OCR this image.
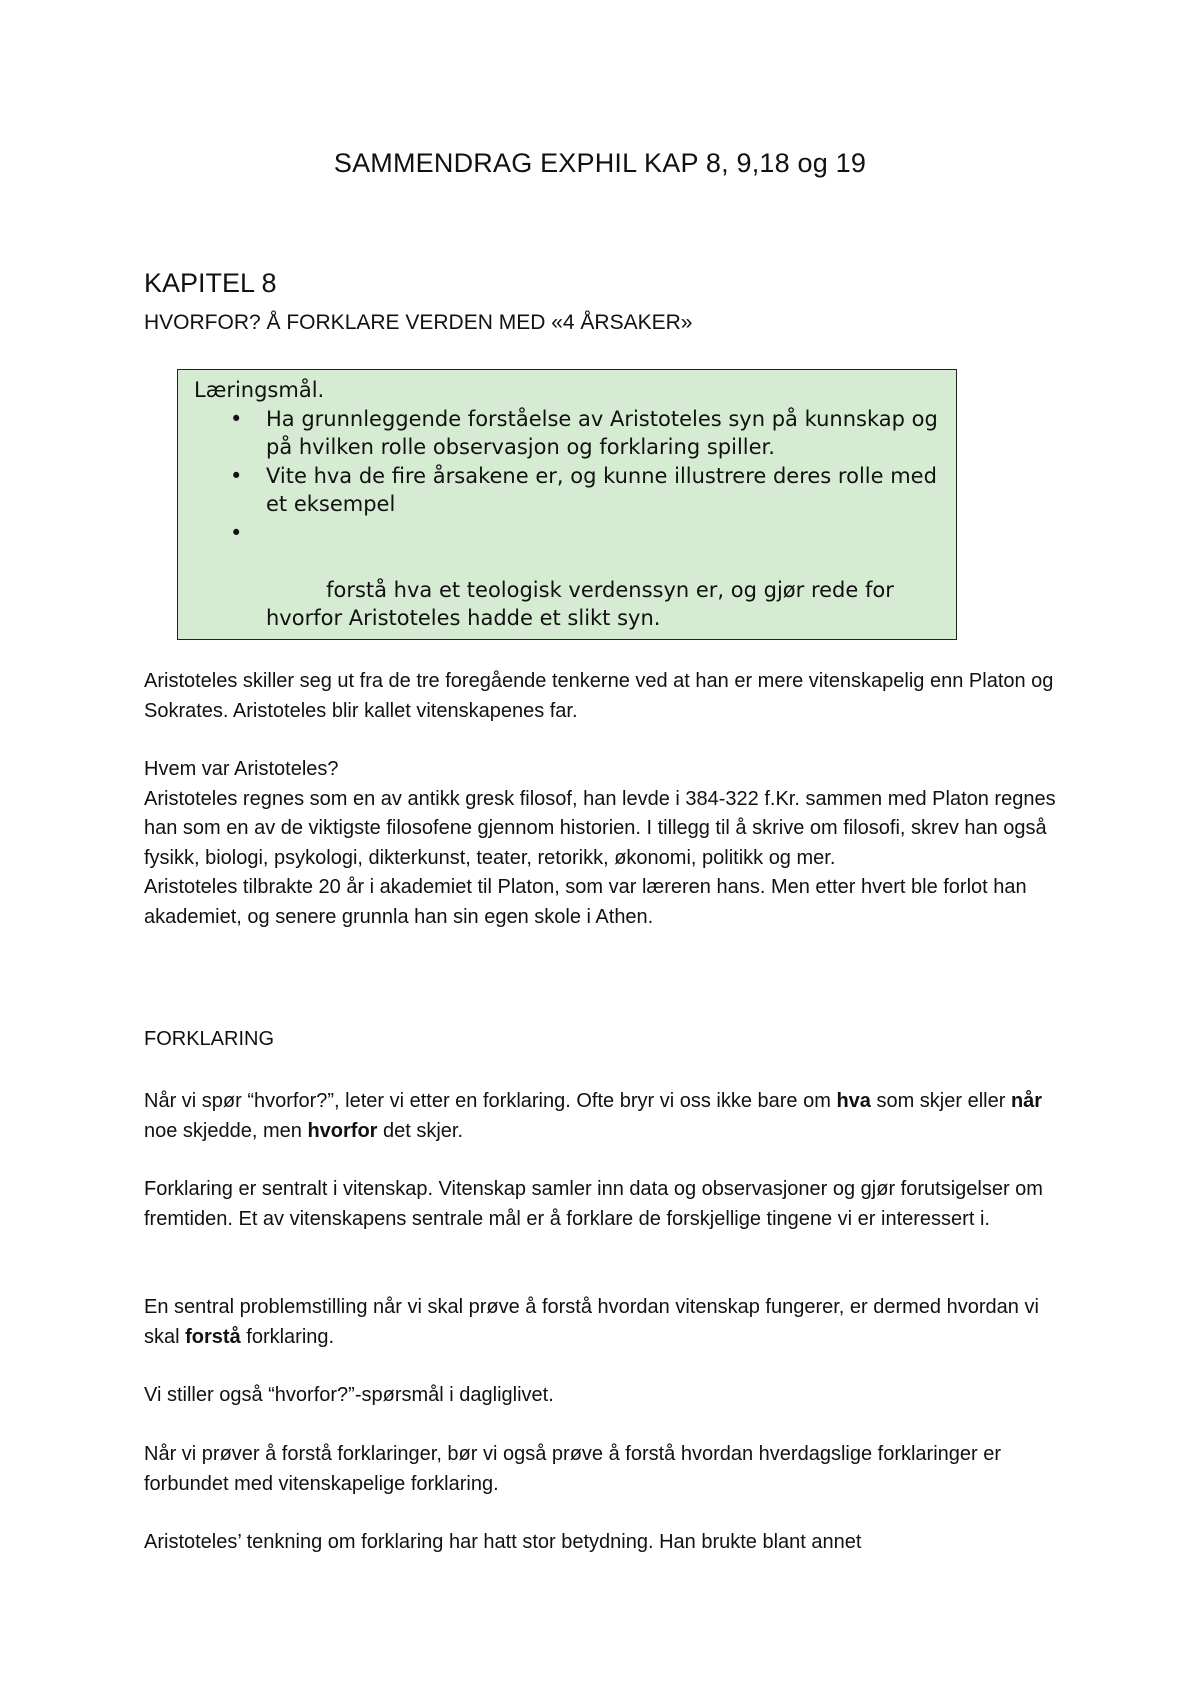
SAMMENDRAG EXPHIL KAP 8, 9,18 og 19
KAPITEL 8
HVORFOR? Å FORKLARE VERDEN MED «4 ÅRSAKER»
Læringsmål.
• Ha grunnleggende forståelse av Aristoteles syn på kunnskap og på hvilken rolle observasjon og forklaring spiller.
• Vite hva de fire årsakene er, og kunne illustrere deres rolle med et eksempel

•

forstå hva et teologisk verdenssyn er, og gjør rede for hvorfor Aristoteles hadde et slikt syn.

Aristoteles skiller seg ut fra de tre foregående tenkerne ved at han er mere vitenskapelig enn Platon og Sokrates. Aristoteles blir kallet vitenskapenes far.

Hvem var Aristoteles?

Aristoteles regnes som en av antikk gresk filosof, han levde i 384-322 f.Kr. sammen med Platon regnes han som en av de viktigste filosofene gjennom historien. I tillegg til å skrive om filosofi, skrev han også fysikk, biologi, psykologi, dikterkunst, teater, retorikk, økonomi, politikk og mer.

Aristoteles tilbrakte 20 år i akademiet til Platon, som var læreren hans. Men etter hvert ble forlot han akademiet, og senere grunnla han sin egen skole i Athen.

FORKLARING

Når vi spør “hvorfor?”, leter vi etter en forklaring. Ofte bryr vi oss ikke bare om hva som skjer eller når noe skjedde, men hvorfor det skjer.

Forklaring er sentralt i vitenskap. Vitenskap samler inn data og observasjoner og gjør forutsigelser om fremtiden. Et av vitenskapens sentrale mål er å forklare de forskjellige tingene vi er interessert i.

En sentral problemstilling når vi skal prøve å forstå hvordan vitenskap fungerer, er dermed hvordan vi skal forstå forklaring.

Vi stiller også “hvorfor?”-spørsmål i dagliglivet.

Når vi prøver å forstå forklaringer, bør vi også prøve å forstå hvordan hverdagslige forklaringer er forbundet med vitenskapelige forklaring.

Aristoteles’ tenkning om forklaring har hatt stor betydning. Han brukte blant annet
